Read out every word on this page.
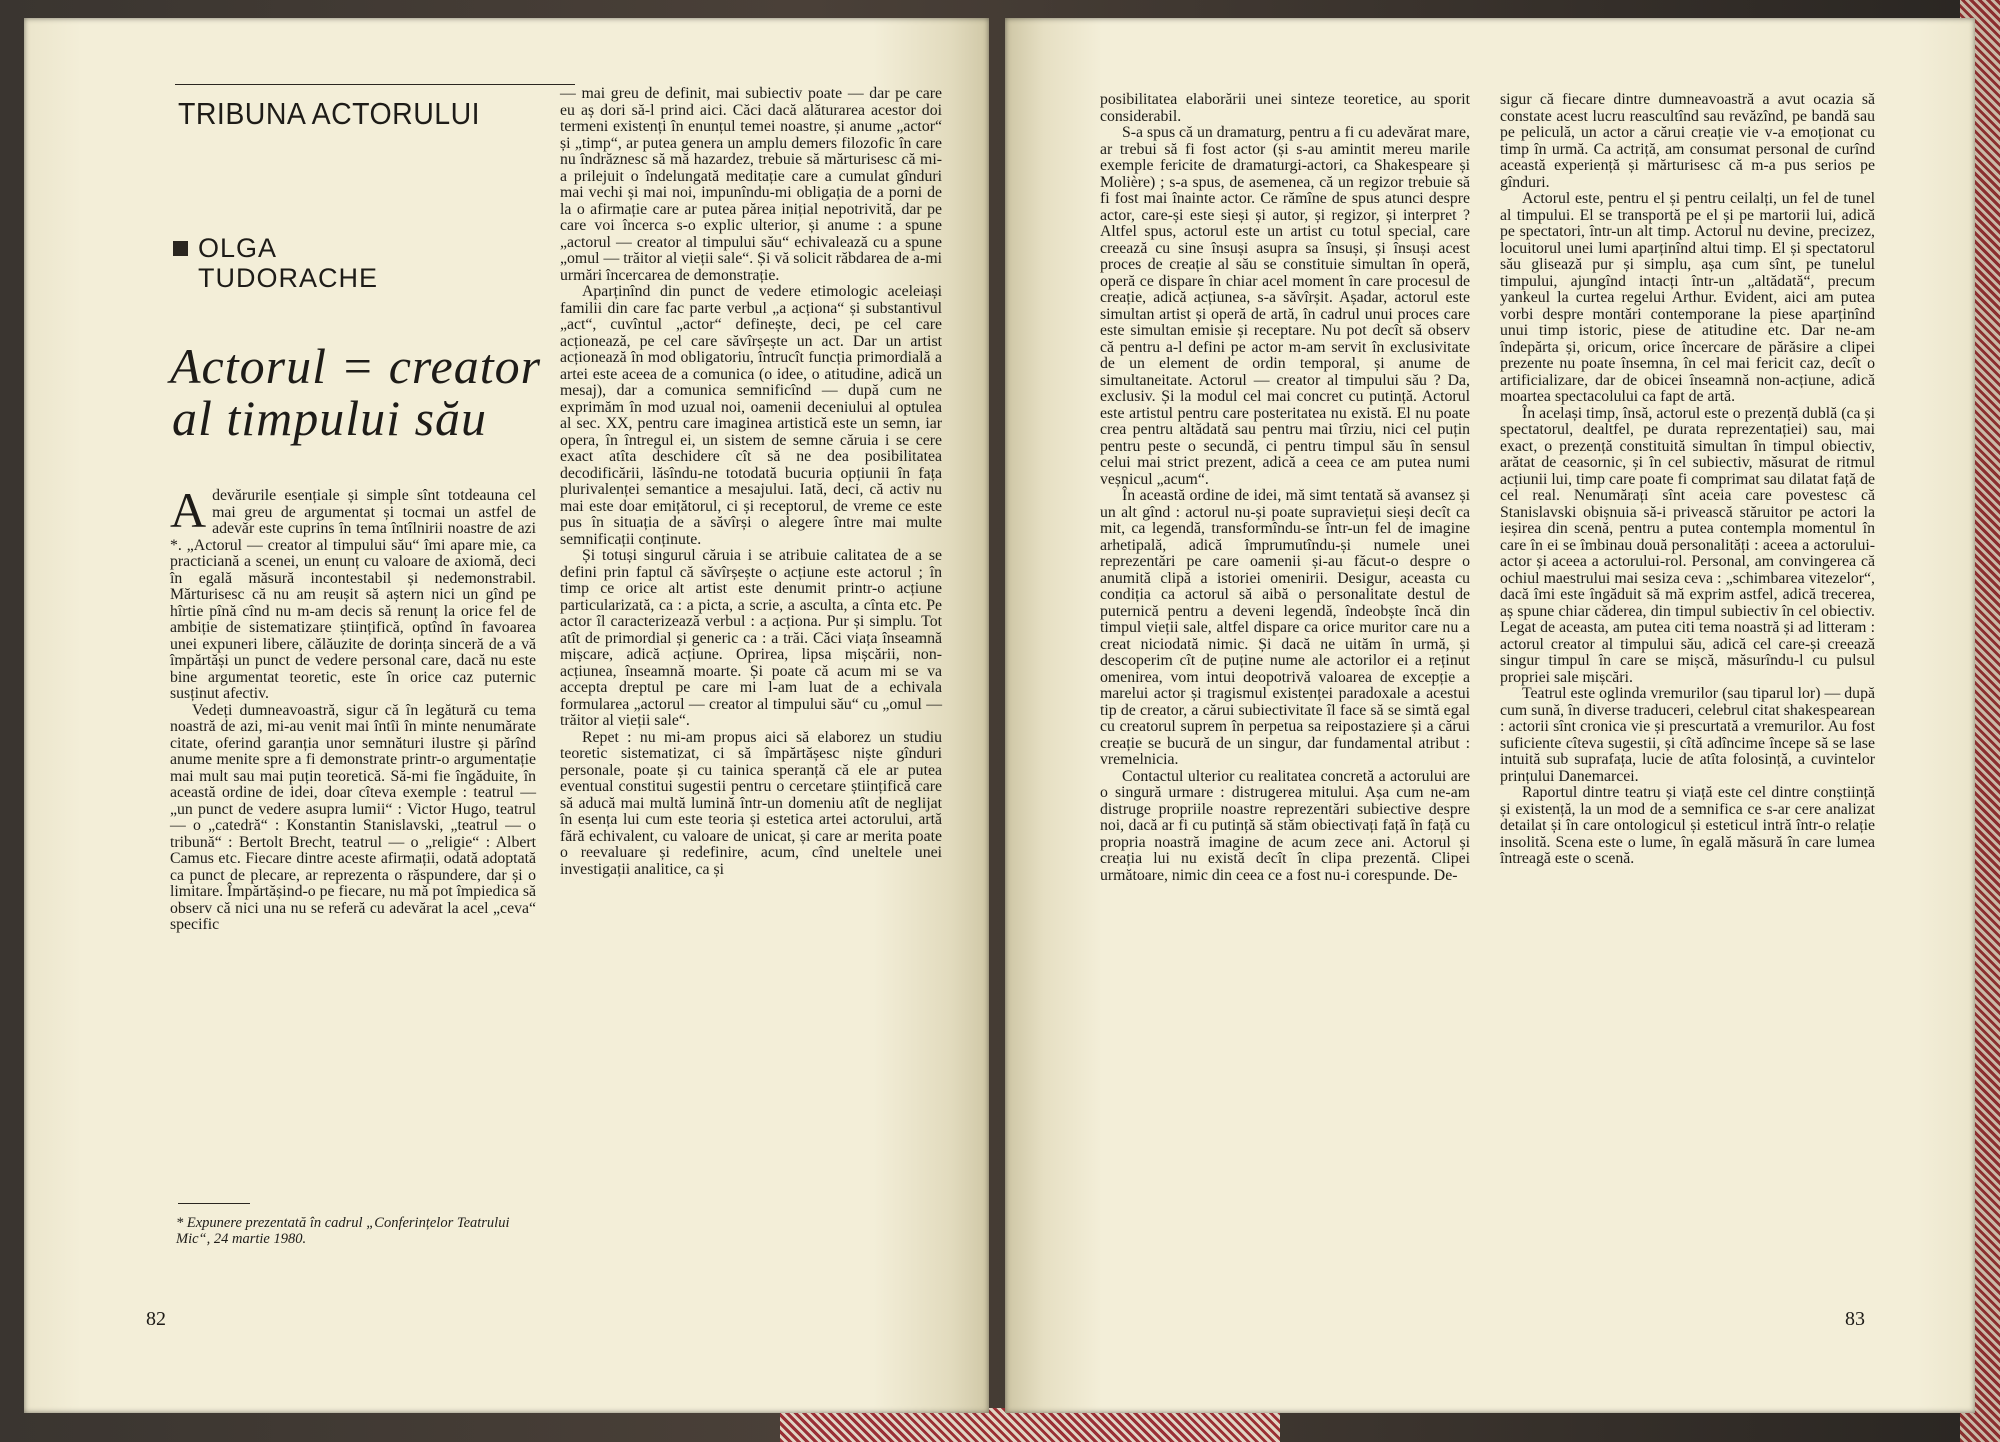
TRIBUNA ACTORULUI
OLGA
TUDORACHE
Actorul = creator
al timpului său

Adevărurile esențiale și simple sînt totdeauna cel mai greu de argumentat și tocmai un astfel de adevăr este cuprins în tema întîlnirii noastre de azi *. „Actorul — creator al timpului său“ îmi apare mie, ca practiciană a scenei, un enunț cu valoare de axiomă, deci în egală măsură incontestabil și nedemonstrabil. Mărturisesc că nu am reușit să aștern nici un gînd pe hîrtie pînă cînd nu m-am decis să renunț la orice fel de ambiție de sistematizare științifică, optînd în favoarea unei expuneri libere, călăuzite de dorința sinceră de a vă împărtăși un punct de vedere personal care, dacă nu este bine argumentat teoretic, este în orice caz puternic susținut afectiv.

Vedeți dumneavoastră, sigur că în legătură cu tema noastră de azi, mi-au venit mai întîi în minte nenumărate citate, oferind garanția unor semnături ilustre și părînd anume menite spre a fi demonstrate printr-o argumentație mai mult sau mai puțin teoretică. Să-mi fie îngăduite, în această ordine de idei, doar cîteva exemple : teatrul — „un punct de vedere asupra lumii“ : Victor Hugo, teatrul — o „catedră“ : Konstantin Stanislavski, „teatrul — o tribună“ : Bertolt Brecht, teatrul — o „religie“ : Albert Camus etc. Fiecare dintre aceste afirmații, odată adoptată ca punct de plecare, ar reprezenta o răspundere, dar și o limitare. Împărtășind-o pe fiecare, nu mă pot împiedica să observ că nici una nu se referă cu adevărat la acel „ceva“ specific

* Expunere prezentată în cadrul „Conferințelor Teatrului Mic“, 24 martie 1980.

— mai greu de definit, mai subiectiv poate — dar pe care eu aș dori să-l prind aici. Căci dacă alăturarea acestor doi termeni existenți în enunțul temei noastre, și anume „actor“ și „timp“, ar putea genera un amplu demers filozofic în care nu îndrăznesc să mă hazardez, trebuie să mărturisesc că mi-a prilejuit o îndelungată meditație care a cumulat gînduri mai vechi și mai noi, impunîndu-mi obligația de a porni de la o afirmație care ar putea părea inițial nepotrivită, dar pe care voi încerca s-o explic ulterior, și anume : a spune „actorul — creator al timpului său“ echivalează cu a spune „omul — trăitor al vieții sale“. Și vă solicit răbdarea de a-mi urmări încercarea de demonstrație.

Aparținînd din punct de vedere etimologic aceleiași familii din care fac parte verbul „a acționa“ și substantivul „act“, cuvîntul „actor“ definește, deci, pe cel care acționează, pe cel care săvîrșește un act. Dar un artist acționează în mod obligatoriu, întrucît funcția primordială a artei este aceea de a comunica (o idee, o atitudine, adică un mesaj), dar a comunica semnificînd — după cum ne exprimăm în mod uzual noi, oamenii deceniului al optulea al sec. XX, pentru care imaginea artistică este un semn, iar opera, în întregul ei, un sistem de semne căruia i se cere exact atîta deschidere cît să ne dea posibilitatea decodificării, lăsîndu-ne totodată bucuria opțiunii în fața plurivalenței semantice a mesajului. Iată, deci, că activ nu mai este doar emițătorul, ci și receptorul, de vreme ce este pus în situația de a săvîrși o alegere între mai multe semnificații conținute.

Și totuși singurul căruia i se atribuie calitatea de a se defini prin faptul că săvîrșește o acțiune este actorul ; în timp ce orice alt artist este denumit printr-o acțiune particularizată, ca : a picta, a scrie, a asculta, a cînta etc. Pe actor îl caracterizează verbul : a acționa. Pur și simplu. Tot atît de primordial și generic ca : a trăi. Căci viața înseamnă mișcare, adică acțiune. Oprirea, lipsa mișcării, non-acțiunea, înseamnă moarte. Și poate că acum mi se va accepta dreptul pe care mi l-am luat de a echivala formularea „actorul — creator al timpului său“ cu „omul — trăitor al vieții sale“.

Repet : nu mi-am propus aici să elaborez un studiu teoretic sistematizat, ci să împărtășesc niște gînduri personale, poate și cu tainica speranță că ele ar putea eventual constitui sugestii pentru o cercetare științifică care să aducă mai multă lumină într-un domeniu atît de neglijat în esența lui cum este teoria și estetica artei actorului, artă fără echivalent, cu valoare de unicat, și care ar merita poate o reevaluare și redefinire, acum, cînd uneltele unei investigații analitice, ca și

82

posibilitatea elaborării unei sinteze teoretice, au sporit considerabil.

S-a spus că un dramaturg, pentru a fi cu adevărat mare, ar trebui să fi fost actor (și s-au amintit mereu marile exemple fericite de dramaturgi-actori, ca Shakespeare și Molière) ; s-a spus, de asemenea, că un regizor trebuie să fi fost mai înainte actor. Ce rămîne de spus atunci despre actor, care-și este sieși și autor, și regizor, și interpret ? Altfel spus, actorul este un artist cu totul special, care creează cu sine însuși asupra sa însuși, și însuși acest proces de creație al său se constituie simultan în operă, operă ce dispare în chiar acel moment în care procesul de creație, adică acțiunea, s-a săvîrșit. Așadar, actorul este simultan artist și operă de artă, în cadrul unui proces care este simultan emisie și receptare. Nu pot decît să observ că pentru a-l defini pe actor m-am servit în exclusivitate de un element de ordin temporal, și anume de simultaneitate. Actorul — creator al timpului său ? Da, exclusiv. Și la modul cel mai concret cu putință. Actorul este artistul pentru care posteritatea nu există. El nu poate crea pentru altădată sau pentru mai tîrziu, nici cel puțin pentru peste o secundă, ci pentru timpul său în sensul celui mai strict prezent, adică a ceea ce am putea numi veșnicul „acum“.

În această ordine de idei, mă simt tentată să avansez și un alt gînd : actorul nu-și poate supraviețui sieși decît ca mit, ca legendă, transformîndu-se într-un fel de imagine arhetipală, adică împrumutîndu-și numele unei reprezentări pe care oamenii și-au făcut-o despre o anumită clipă a istoriei omenirii. Desigur, aceasta cu condiția ca actorul să aibă o personalitate destul de puternică pentru a deveni legendă, îndeobște încă din timpul vieții sale, altfel dispare ca orice muritor care nu a creat niciodată nimic. Și dacă ne uităm în urmă, și descoperim cît de puține nume ale actorilor ei a reținut omenirea, vom intui deopotrivă valoarea de excepție a marelui actor și tragismul existenței paradoxale a acestui tip de creator, a cărui subiectivitate îl face să se simtă egal cu creatorul suprem în perpetua sa reipostaziere și a cărui creație se bucură de un singur, dar fundamental atribut : vremelnicia.

Contactul ulterior cu realitatea concretă a actorului are o singură urmare : distrugerea mitului. Așa cum ne-am distruge propriile noastre reprezentări subiective despre noi, dacă ar fi cu putință să stăm obiectivați față în față cu propria noastră imagine de acum zece ani. Actorul și creația lui nu există decît în clipa prezentă. Clipei următoare, nimic din ceea ce a fost nu-i corespunde. De-

sigur că fiecare dintre dumneavoastră a avut ocazia să constate acest lucru reascultînd sau revăzînd, pe bandă sau pe peliculă, un actor a cărui creație vie v-a emoționat cu timp în urmă. Ca actriță, am consumat personal de curînd această experiență și mărturisesc că m-a pus serios pe gînduri.

Actorul este, pentru el și pentru ceilalți, un fel de tunel al timpului. El se transportă pe el și pe martorii lui, adică pe spectatori, într-un alt timp. Actorul nu devine, precizez, locuitorul unei lumi aparținînd altui timp. El și spectatorul său glisează pur și simplu, așa cum sînt, pe tunelul timpului, ajungînd intacți într-un „altădată“, precum yankeul la curtea regelui Arthur. Evident, aici am putea vorbi despre montări contemporane la piese aparținînd unui timp istoric, piese de atitudine etc. Dar ne-am îndepărta și, oricum, orice încercare de părăsire a clipei prezente nu poate însemna, în cel mai fericit caz, decît o artificializare, dar de obicei înseamnă non-acțiune, adică moartea spectacolului ca fapt de artă.

În același timp, însă, actorul este o prezență dublă (ca și spectatorul, dealtfel, pe durata reprezentației) sau, mai exact, o prezență constituită simultan în timpul obiectiv, arătat de ceasornic, și în cel subiectiv, măsurat de ritmul acțiunii lui, timp care poate fi comprimat sau dilatat față de cel real. Nenumărați sînt aceia care povestesc că Stanislavski obișnuia să-i privească stăruitor pe actori la ieșirea din scenă, pentru a putea contempla momentul în care în ei se îmbinau două personalități : aceea a actorului-actor și aceea a actorului-rol. Personal, am convingerea că ochiul maestrului mai sesiza ceva : „schimbarea vitezelor“, dacă îmi este îngăduit să mă exprim astfel, adică trecerea, aș spune chiar căderea, din timpul subiectiv în cel obiectiv. Legat de aceasta, am putea citi tema noastră și ad litteram : actorul creator al timpului său, adică cel care-și creează singur timpul în care se mișcă, măsurîndu-l cu pulsul propriei sale mișcări.

Teatrul este oglinda vremurilor (sau tiparul lor) — după cum sună, în diverse traduceri, celebrul citat shakespearean : actorii sînt cronica vie și prescurtată a vremurilor. Au fost suficiente cîteva sugestii, și cîtă adîncime începe să se lase intuită sub suprafața, lucie de atîta folosință, a cuvintelor prințului Danemarcei.

Raportul dintre teatru și viață este cel dintre conștiință și existență, la un mod de a semnifica ce s-ar cere analizat detailat și în care ontologicul și esteticul intră într-o relație insolită. Scena este o lume, în egală măsură în care lumea întreagă este o scenă.

83
